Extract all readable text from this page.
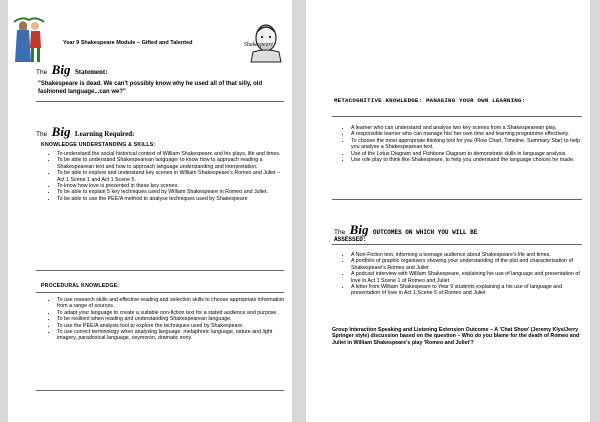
Year 9 Shakespeare Module – Gifted and Talented	Shakespeare
The Big Statement:
"Shakespeare is dead. We can't possibly know why he used all of that silly, old fashioned language...can we?"
The Big Learning Required:
KNOWLEDGE UNDERSTANDING & SKILLS:
• To understand the social historical context of William Shakespeare and his plays, life and times.
• To be able to understand Shakespearean language; to know how to approach reading a Shakespearean text and how to approach language understanding and interpretation.
• To be able to explore and understand key scenes in William Shakespeare's Romeo and Juliet – Act 1 Scene 1 and Act 1 Scene 5.
• To know how love is presented in these key scenes.
• To be able to explain 5 key techniques used by William Shakespeare in Romeo and Juliet.
• To be able to use the PEE/A method to analyse techniques used by Shakespeare
PROCEDURAL KNOWLEDGE:
• To use research skills and effective reading and selection skills to choose appropriate information from a range of sources.
• To adapt your language to create a suitable non-fiction text for a stated audience and purpose.
• To be resilient when reading and understanding Shakespearean language.
• To use the PEE/A analysis tool to explore the techniques used by Shakespeare.
• To use correct terminology when analysing language: metaphoric language, nature and light imagery, paradoxical language, oxymoron, dramatic irony.
METACOGNITIVE KNOWLEDGE: MANAGING YOUR OWN LEARNING:
• A learner who can understand and analyse two key scenes from a Shakespearean play.
• A responsible learner who can manage his/ her own time and learning programme effectively.
• To choose the most appropriate thinking tool for you (Flow Chart, Timeline, Summary Star) to help you analyse a Shakespearean text.
• Use of the Lotus Diagram and Fishbone Diagram to demonstrate skills in language analysis.
• Use role play to think like Shakespeare, to help you understand the language choices he made.
The Big OUTCOMES ON WHICH YOU WILL BE
ASSESSED:
• A Non-Fiction text, informing a teenage audience about Shakespeare's life and times.
• A portfolio of graphic organisers showing your understanding of the plot and characterisation of Shakespeare's Romeo and Juliet
• A podcast interview with William Shakespeare, explaining his use of language and presentation of love in Act 1 Scene 1 of Romeo and Juliet
• A letter from William Shakespeare to Year 9 students explaining a his use of language and presentation of love in Act 1 Scene 5 of Romeo and Juliet
Group Interaction Speaking and Listening Extension Outcome – A 'Chat Show' (Jeremy Klye/Jerry Springer style) discussion based on the question – Who do you blame for the death of Romeo and Juliet in William Shakespeare's play 'Romeo and Juliet'?
